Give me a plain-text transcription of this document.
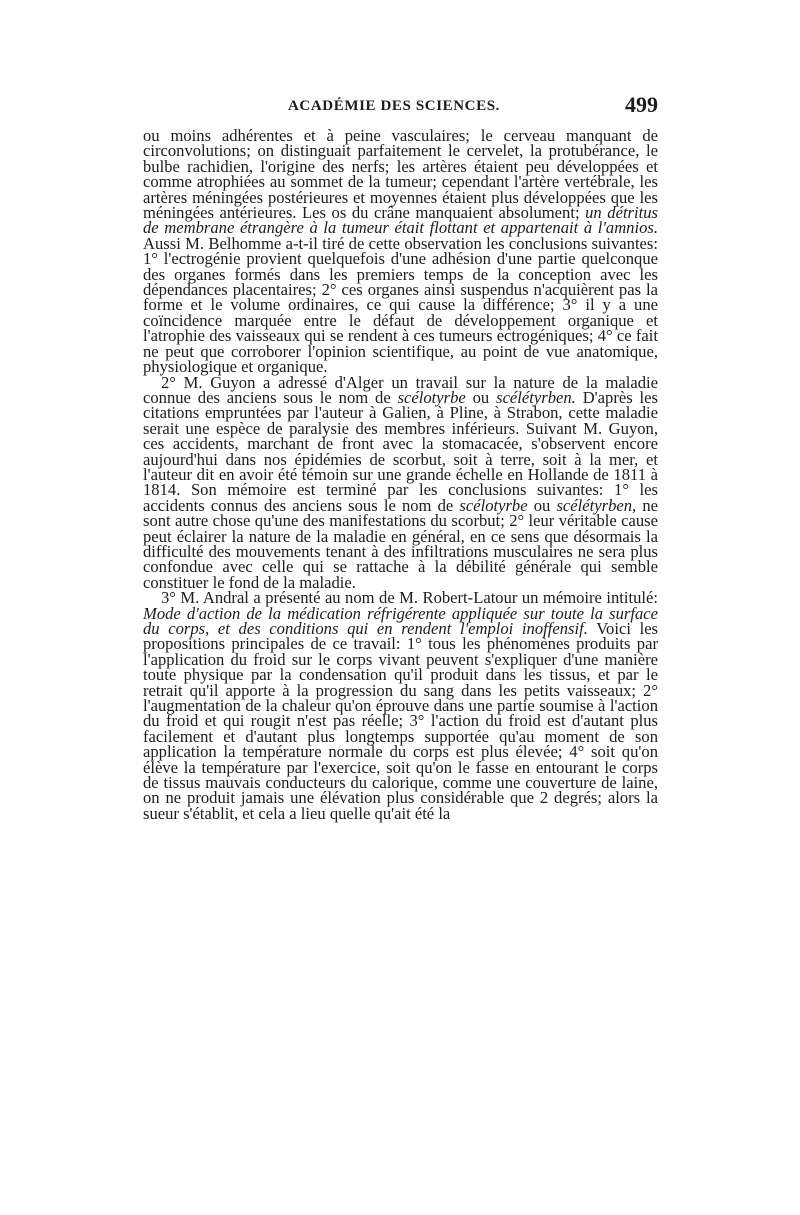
ACADÉMIE DES SCIENCES.	499

ou moins adhérentes et à peine vasculaires; le cerveau manquant de circonvolutions; on distinguait parfaitement le cervelet, la protubérance, le bulbe rachidien, l'origine des nerfs; les artères étaient peu développées et comme atrophiées au sommet de la tumeur; cependant l'artère vertébrale, les artères méningées postérieures et moyennes étaient plus développées que les méningées antérieures. Les os du crâne manquaient absolument; un détritus de membrane étrangère à la tumeur était flottant et appartenait à l'amnios. Aussi M. Belhomme a-t-il tiré de cette observation les conclusions suivantes: 1° l'ectrogénie provient quelquefois d'une adhésion d'une partie quelconque des organes formés dans les premiers temps de la conception avec les dépendances placentaires; 2° ces organes ainsi suspendus n'acquièrent pas la forme et le volume ordinaires, ce qui cause la différence; 3° il y a une coïncidence marquée entre le défaut de développement organique et l'atrophie des vaisseaux qui se rendent à ces tumeurs ectrogéniques; 4° ce fait ne peut que corroborer l'opinion scientifique, au point de vue anatomique, physiologique et organique.

2° M. Guyon a adressé d'Alger un travail sur la nature de la maladie connue des anciens sous le nom de scélotyrbe ou scélétyrben. D'après les citations empruntées par l'auteur à Galien, à Pline, à Strabon, cette maladie serait une espèce de paralysie des membres inférieurs. Suivant M. Guyon, ces accidents, marchant de front avec la stomacacée, s'observent encore aujourd'hui dans nos épidémies de scorbut, soit à terre, soit à la mer, et l'auteur dit en avoir été témoin sur une grande échelle en Hollande de 1811 à 1814. Son mémoire est terminé par les conclusions suivantes: 1° les accidents connus des anciens sous le nom de scélotyrbe ou scélétyrben, ne sont autre chose qu'une des manifestations du scorbut; 2° leur véritable cause peut éclairer la nature de la maladie en général, en ce sens que désormais la difficulté des mouvements tenant à des infiltrations musculaires ne sera plus confondue avec celle qui se rattache à la débilité générale qui semble constituer le fond de la maladie.

3° M. Andral a présenté au nom de M. Robert-Latour un mémoire intitulé: Mode d'action de la médication réfrigérente appliquée sur toute la surface du corps, et des conditions qui en rendent l'emploi inoffensif. Voici les propositions principales de ce travail: 1° tous les phénomènes produits par l'application du froid sur le corps vivant peuvent s'expliquer d'une manière toute physique par la condensation qu'il produit dans les tissus, et par le retrait qu'il apporte à la progression du sang dans les petits vaisseaux; 2° l'augmentation de la chaleur qu'on éprouve dans une partie soumise à l'action du froid et qui rougit n'est pas réelle; 3° l'action du froid est d'autant plus facilement et d'autant plus longtemps supportée qu'au moment de son application la température normale du corps est plus élevée; 4° soit qu'on élève la température par l'exercice, soit qu'on le fasse en entourant le corps de tissus mauvais conducteurs du calorique, comme une couverture de laine, on ne produit jamais une élévation plus considérable que 2 degrés; alors la sueur s'établit, et cela a lieu quelle qu'ait été la
